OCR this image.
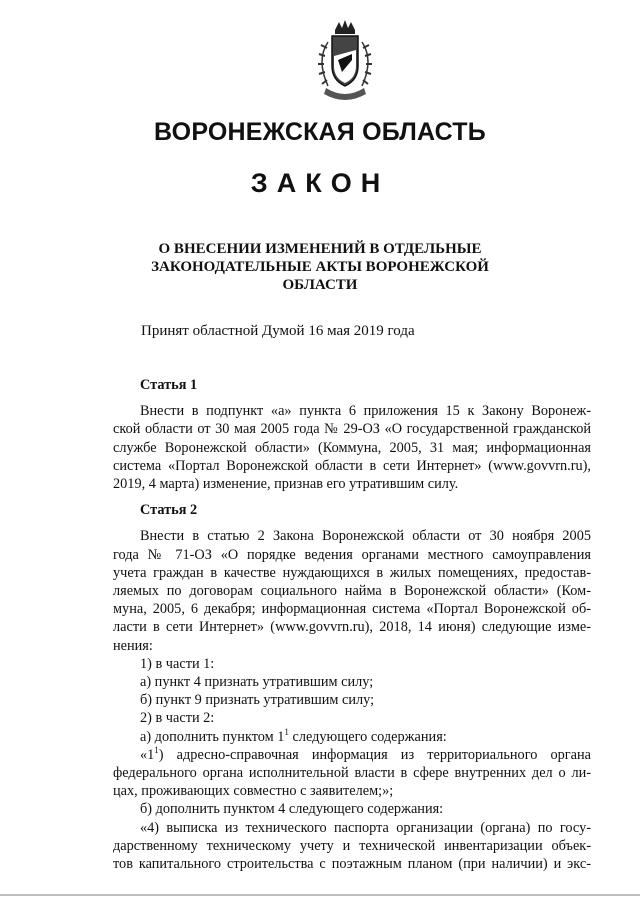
ВОРОНЕЖСКАЯ ОБЛАСТЬ
ЗАКОН
О ВНЕСЕНИИ ИЗМЕНЕНИЙ В ОТДЕЛЬНЫЕ
ЗАКОНОДАТЕЛЬНЫЕ АКТЫ ВОРОНЕЖСКОЙ
ОБЛАСТИ
Принят областной Думой 16 мая 2019 года
Статья 1
Внести в подпункт «а» пункта 6 приложения 15 к Закону Воронеж-
ской области от 30 мая 2005 года № 29-ОЗ «О государственной гражданской
службе Воронежской области» (Коммуна, 2005, 31 мая; информационная
система «Портал Воронежской области в сети Интернет» (www.govvrn.ru),
2019, 4 марта) изменение, признав его утратившим силу.
Статья 2
Внести в статью 2 Закона Воронежской области от 30 ноября 2005
года № 71-ОЗ «О порядке ведения органами местного самоуправления
учета граждан в качестве нуждающихся в жилых помещениях, предостав-
ляемых по договорам социального найма в Воронежской области» (Ком-
муна, 2005, 6 декабря; информационная система «Портал Воронежской об-
ласти в сети Интернет» (www.govvrn.ru), 2018, 14 июня) следующие изме-
нения:
1) в части 1:
а) пункт 4 признать утратившим силу;
б) пункт 9 признать утратившим силу;
2) в части 2:
а) дополнить пунктом $1^1$ следующего содержания:
«$1^1$) адресно-справочная информация из территориального органа
федерального органа исполнительной власти в сфере внутренних дел о ли-
цах, проживающих совместно с заявителем;»;
б) дополнить пунктом 4 следующего содержания:
«4) выписка из технического паспорта организации (органа) по госу-
дарственному техническому учету и технической инвентаризации объек-
тов капитального строительства с поэтажным планом (при наличии) и экс-
